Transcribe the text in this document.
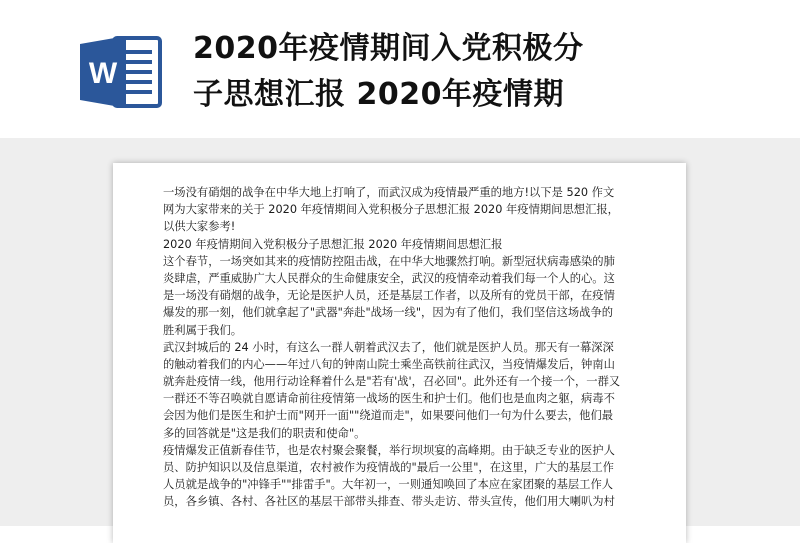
W
2020年疫情期间入党积极分
子思想汇报 2020年疫情期
一场没有硝烟的战争在中华大地上打响了，而武汉成为疫情最严重的地方!以下是 520 作文
网为大家带来的关于 2020 年疫情期间入党积极分子思想汇报 2020 年疫情期间思想汇报，
以供大家参考!
2020 年疫情期间入党积极分子思想汇报 2020 年疫情期间思想汇报
这个春节，一场突如其来的疫情防控阻击战，在中华大地骤然打响。新型冠状病毒感染的肺
炎肆虐，严重威胁广大人民群众的生命健康安全，武汉的疫情牵动着我们每一个人的心。这
是一场没有硝烟的战争，无论是医护人员，还是基层工作者，以及所有的党员干部，在疫情
爆发的那一刻，他们就拿起了"武器"奔赴"战场一线"，因为有了他们，我们坚信这场战争的
胜利属于我们。
武汉封城后的 24 小时，有这么一群人朝着武汉去了，他们就是医护人员。那天有一幕深深
的触动着我们的内心——年过八旬的钟南山院士乘坐高铁前往武汉，当疫情爆发后，钟南山
就奔赴疫情一线，他用行动诠释着什么是"若有'战'，召必回"。此外还有一个接一个，一群又
一群还不等召唤就自愿请命前往疫情第一战场的医生和护士们。他们也是血肉之躯，病毒不
会因为他们是医生和护士而"网开一面""绕道而走"，如果要问他们一句为什么要去，他们最
多的回答就是"这是我们的职责和使命"。
疫情爆发正值新春佳节，也是农村聚会聚餐，举行坝坝宴的高峰期。由于缺乏专业的医护人
员、防护知识以及信息渠道，农村被作为疫情战的"最后一公里"，在这里，广大的基层工作
人员就是战争的"冲锋手""排雷手"。大年初一，一则通知唤回了本应在家团聚的基层工作人
员，各乡镇、各村、各社区的基层干部带头排查、带头走访、带头宣传，他们用大喇叭为村
